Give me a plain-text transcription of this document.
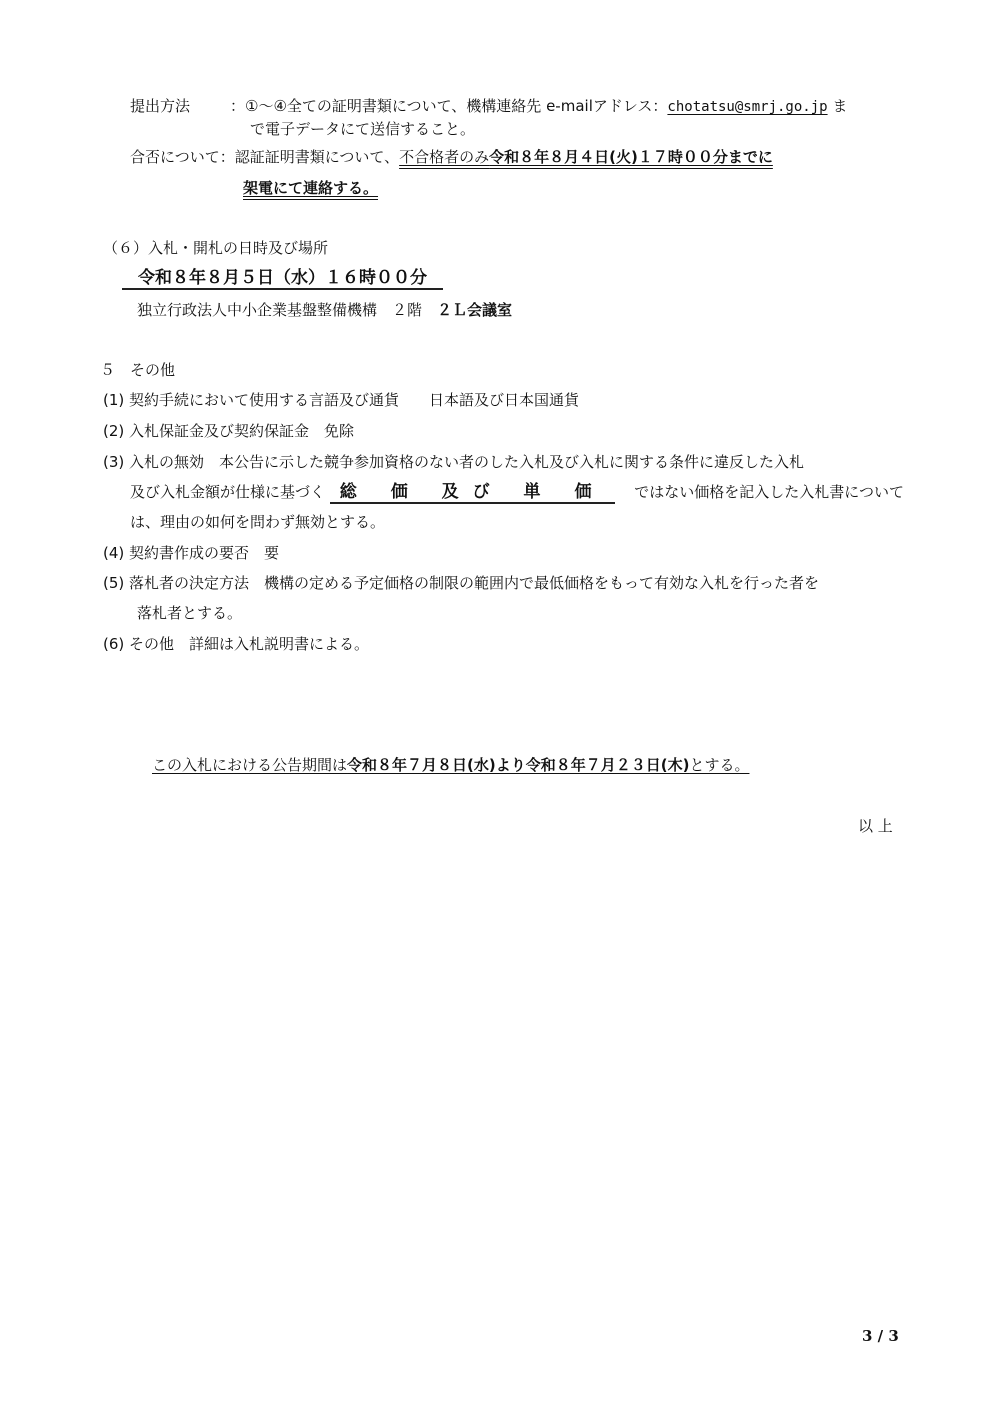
提出方法	：①～④全ての証明書類について、機構連絡先 e-mailアドレス：chotatsu@smrj.go.jp ま
で電子データにて送信すること。
合否について：認証証明書類について、不合格者のみ令和８年８月４日(火)１７時００分までに
架電にて連絡する。
（６）入札・開札の日時及び場所
令和８年８月５日（水）１６時００分
独立行政法人中小企業基盤整備機構　２階　２Ｌ会議室
５　その他
(1) 契約手続において使用する言語及び通貨　　日本語及び日本国通貨
(2) 入札保証金及び契約保証金　免除
(3) 入札の無効　本公告に示した競争参加資格のない者のした入札及び入札に関する条件に違反した入札
及び入札金額が仕様に基づく 総 価 及び 単 価 ではない価格を記入した入札書について
は、理由の如何を問わず無効とする。
(4) 契約書作成の要否　要
(5) 落札者の決定方法　機構の定める予定価格の制限の範囲内で最低価格をもって有効な入札を行った者を
落札者とする。
(6) その他　詳細は入札説明書による。
この入札における公告期間は令和８年７月８日(水)より令和８年７月２３日(木)とする。
以 上
3 / 3
